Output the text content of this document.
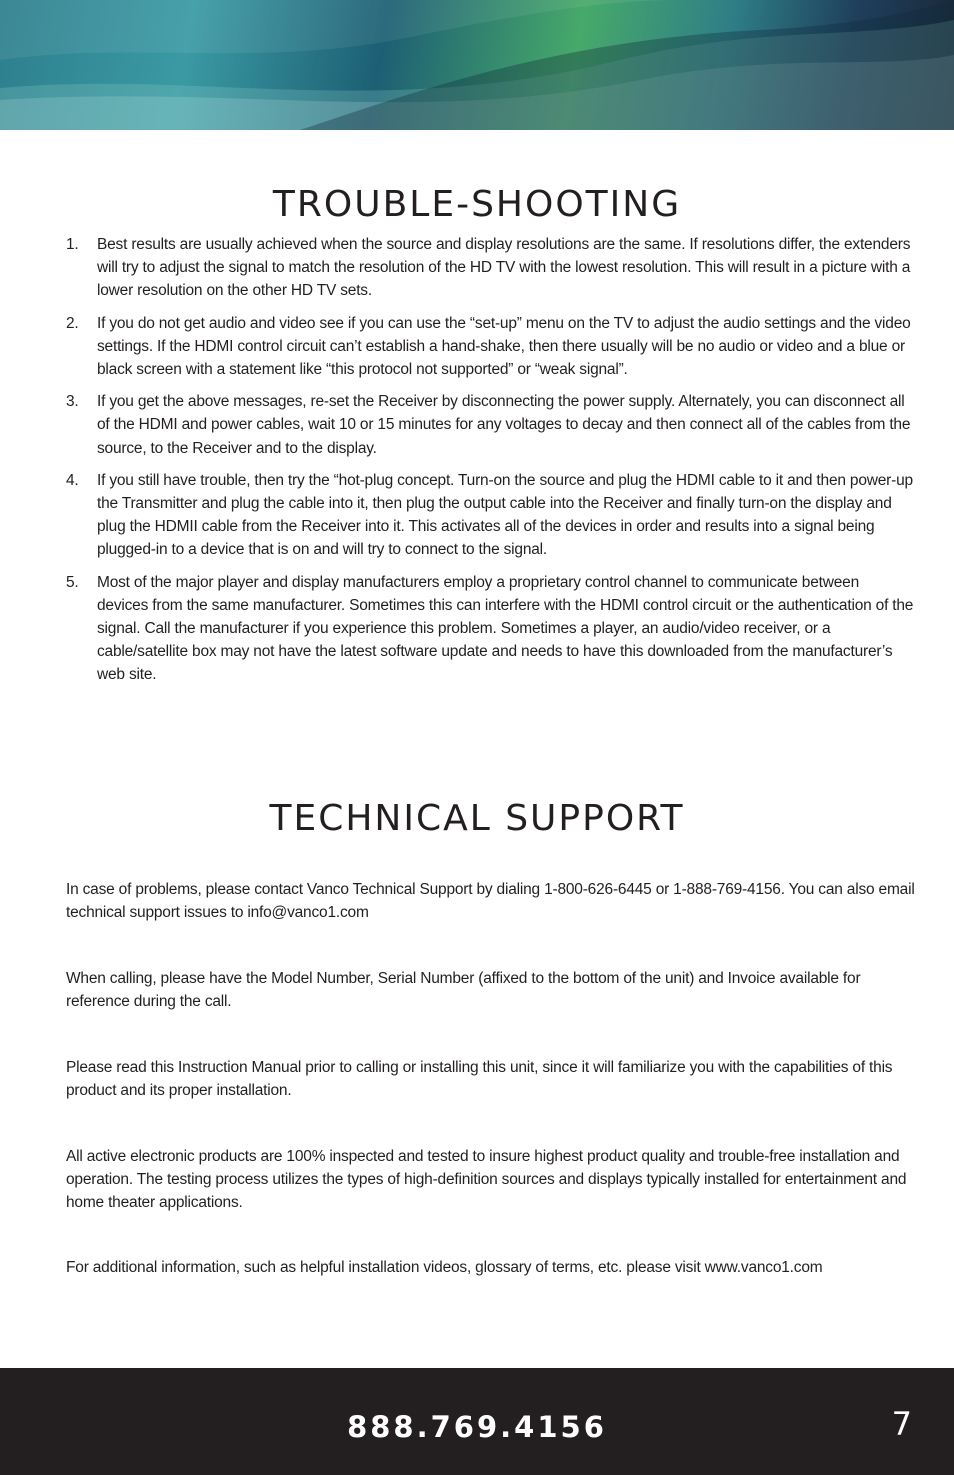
TROUBLE-SHOOTING
1. Best results are usually achieved when the source and display resolutions are the same. If resolutions differ, the extenders will try to adjust the signal to match the resolution of the HD TV with the lowest resolution. This will result in a picture with a lower resolution on the other HD TV sets.
2. If you do not get audio and video see if you can use the “set-up” menu on the TV to adjust the audio settings and the video settings. If the HDMI control circuit can’t establish a hand-shake, then there usually will be no audio or video and a blue or black screen with a statement like “this protocol not supported” or “weak signal”.
3. If you get the above messages, re-set the Receiver by disconnecting the power supply. Alternately, you can disconnect all of the HDMI and power cables, wait 10 or 15 minutes for any voltages to decay and then connect all of the cables from the source, to the Receiver and to the display.
4. If you still have trouble, then try the “hot-plug concept. Turn-on the source and plug the HDMI cable to it and then power-up the Transmitter and plug the cable into it, then plug the output cable into the Receiver and finally turn-on the display and plug the HDMII cable from the Receiver into it. This activates all of the devices in order and results into a signal being plugged-in to a device that is on and will try to connect to the signal.
5. Most of the major player and display manufacturers employ a proprietary control channel to communicate between devices from the same manufacturer. Sometimes this can interfere with the HDMI control circuit or the authentication of the signal. Call the manufacturer if you experience this problem. Sometimes a player, an audio/video receiver, or a cable/satellite box may not have the latest software update and needs to have this downloaded from the manufacturer’s web site.
TECHNICAL SUPPORT

In case of problems, please contact Vanco Technical Support by dialing 1-800-626-6445 or 1-888-769-4156. You can also email technical support issues to info@vanco1.com

When calling, please have the Model Number, Serial Number (affixed to the bottom of the unit) and Invoice available for reference during the call.

Please read this Instruction Manual prior to calling or installing this unit, since it will familiarize you with the capabilities of this product and its proper installation.

All active electronic products are 100% inspected and tested to insure highest product quality and trouble-free installation and operation. The testing process utilizes the types of high-definition sources and displays typically installed for entertainment and home theater applications.

For additional information, such as helpful installation videos, glossary of terms, etc. please visit www.vanco1.com

888.769.4156	7
